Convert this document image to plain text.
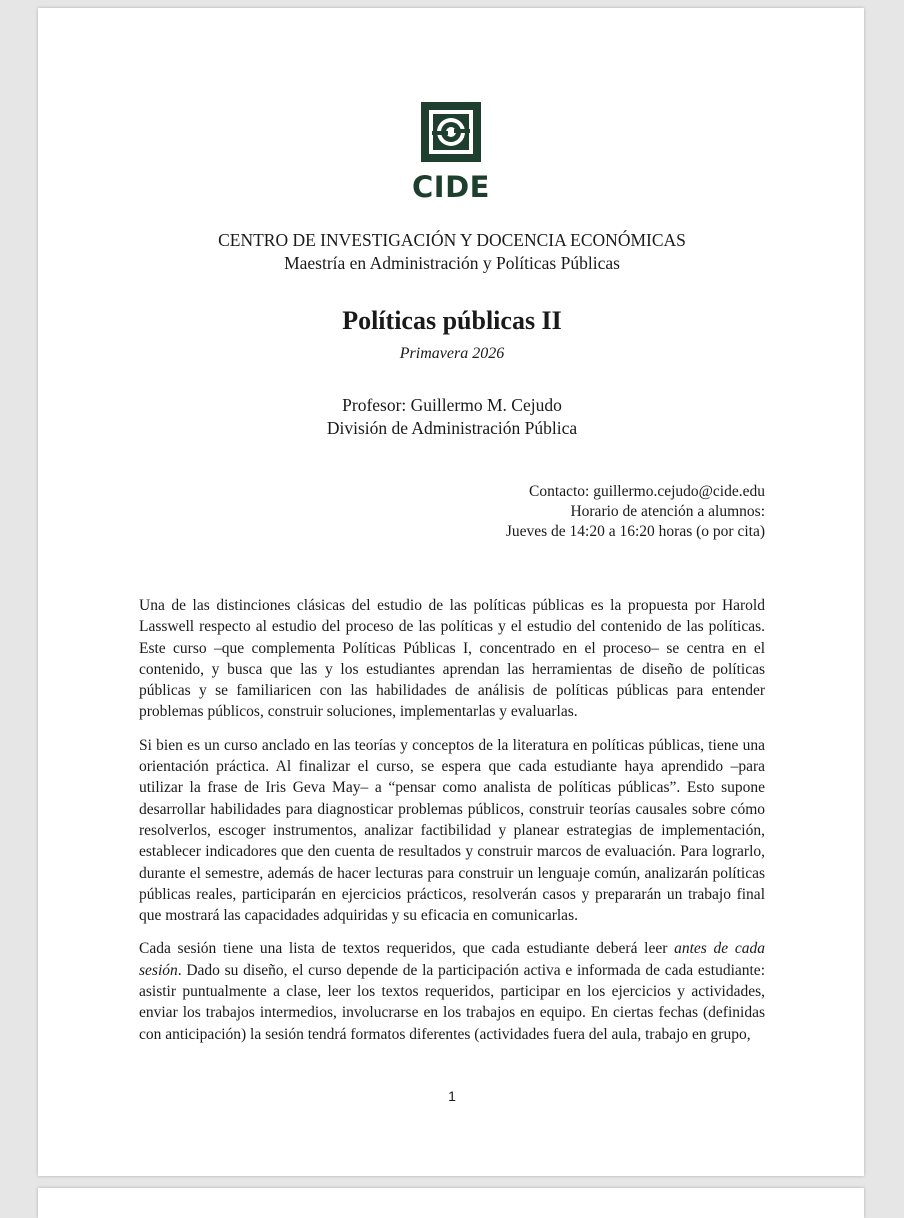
CIDE
CENTRO DE INVESTIGACIÓN Y DOCENCIA ECONÓMICAS
Maestría en Administración y Políticas Públicas
Políticas públicas II
Primavera 2026
Profesor: Guillermo M. Cejudo
División de Administración Pública
Contacto: guillermo.cejudo@cide.edu
Horario de atención a alumnos:
Jueves de 14:20 a 16:20 horas (o por cita)

Una de las distinciones clásicas del estudio de las políticas públicas es la propuesta por Harold Lasswell respecto al estudio del proceso de las políticas y el estudio del contenido de las políticas. Este curso –que complementa Políticas Públicas I, concentrado en el proceso– se centra en el contenido, y busca que las y los estudiantes aprendan las herramientas de diseño de políticas públicas y se familiaricen con las habilidades de análisis de políticas públicas para entender problemas públicos, construir soluciones, implementarlas y evaluarlas.

Si bien es un curso anclado en las teorías y conceptos de la literatura en políticas públicas, tiene una orientación práctica. Al finalizar el curso, se espera que cada estudiante haya aprendido –para utilizar la frase de Iris Geva May– a “pensar como analista de políticas públicas”. Esto supone desarrollar habilidades para diagnosticar problemas públicos, construir teorías causales sobre cómo resolverlos, escoger instrumentos, analizar factibilidad y planear estrategias de implementación, establecer indicadores que den cuenta de resultados y construir marcos de evaluación. Para lograrlo, durante el semestre, además de hacer lecturas para construir un lenguaje común, analizarán políticas públicas reales, participarán en ejercicios prácticos, resolverán casos y prepararán un trabajo final que mostrará las capacidades adquiridas y su eficacia en comunicarlas.

Cada sesión tiene una lista de textos requeridos, que cada estudiante deberá leer antes de cada sesión. Dado su diseño, el curso depende de la participación activa e informada de cada estudiante: asistir puntualmente a clase, leer los textos requeridos, participar en los ejercicios y actividades, enviar los trabajos intermedios, involucrarse en los trabajos en equipo. En ciertas fechas (definidas con anticipación) la sesión tendrá formatos diferentes (actividades fuera del aula, trabajo en grupo,

1
